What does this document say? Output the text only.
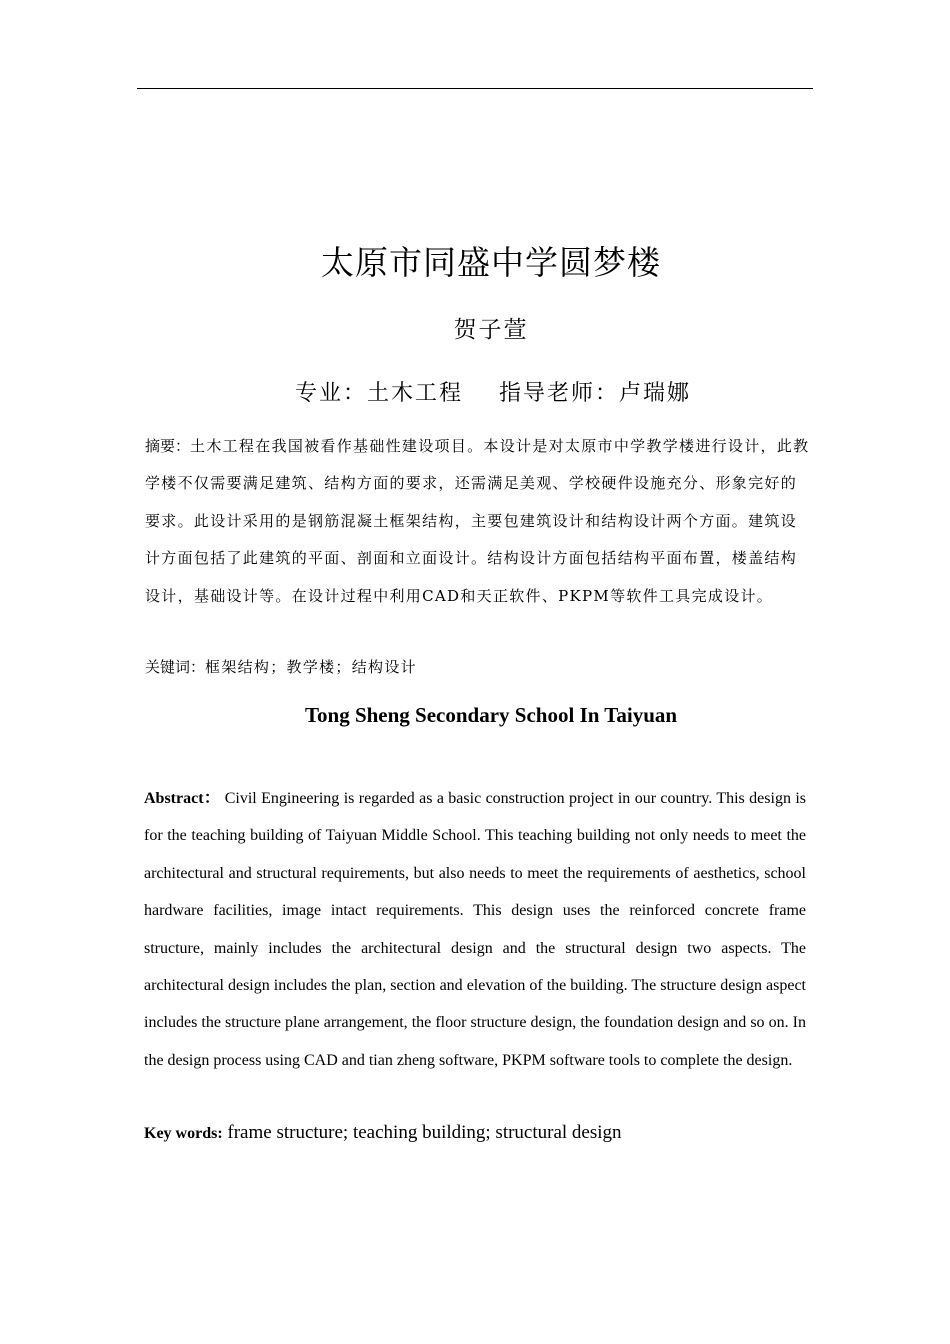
太原市同盛中学圆梦楼
贺子萱
专业：土木工程 指导老师：卢瑞娜
摘要：土木工程在我国被看作基础性建设项目。本设计是对太原市中学教学楼进行设计，此教学楼不仅需要满足建筑、结构方面的要求，还需满足美观、学校硬件设施充分、形象完好的要求。此设计采用的是钢筋混凝土框架结构，主要包建筑设计和结构设计两个方面。建筑设计方面包括了此建筑的平面、剖面和立面设计。结构设计方面包括结构平面布置，楼盖结构设计，基础设计等。在设计过程中利用CAD和天正软件、PKPM等软件工具完成设计。
关键词：框架结构；教学楼；结构设计
Tong Sheng Secondary School In Taiyuan
Abstract： Civil Engineering is regarded as a basic construction project in our country. This design is for the teaching building of Taiyuan Middle School. This teaching building not only needs to meet the architectural and structural requirements, but also needs to meet the requirements of aesthetics, school hardware facilities, image intact requirements. This design uses the reinforced concrete frame structure, mainly includes the architectural design and the structural design two aspects. The architectural design includes the plan, section and elevation of the building. The structure design aspect includes the structure plane arrangement, the floor structure design, the foundation design and so on. In the design process using CAD and tian zheng software, PKPM software tools to complete the design.
Key words: frame structure; teaching building; structural design
